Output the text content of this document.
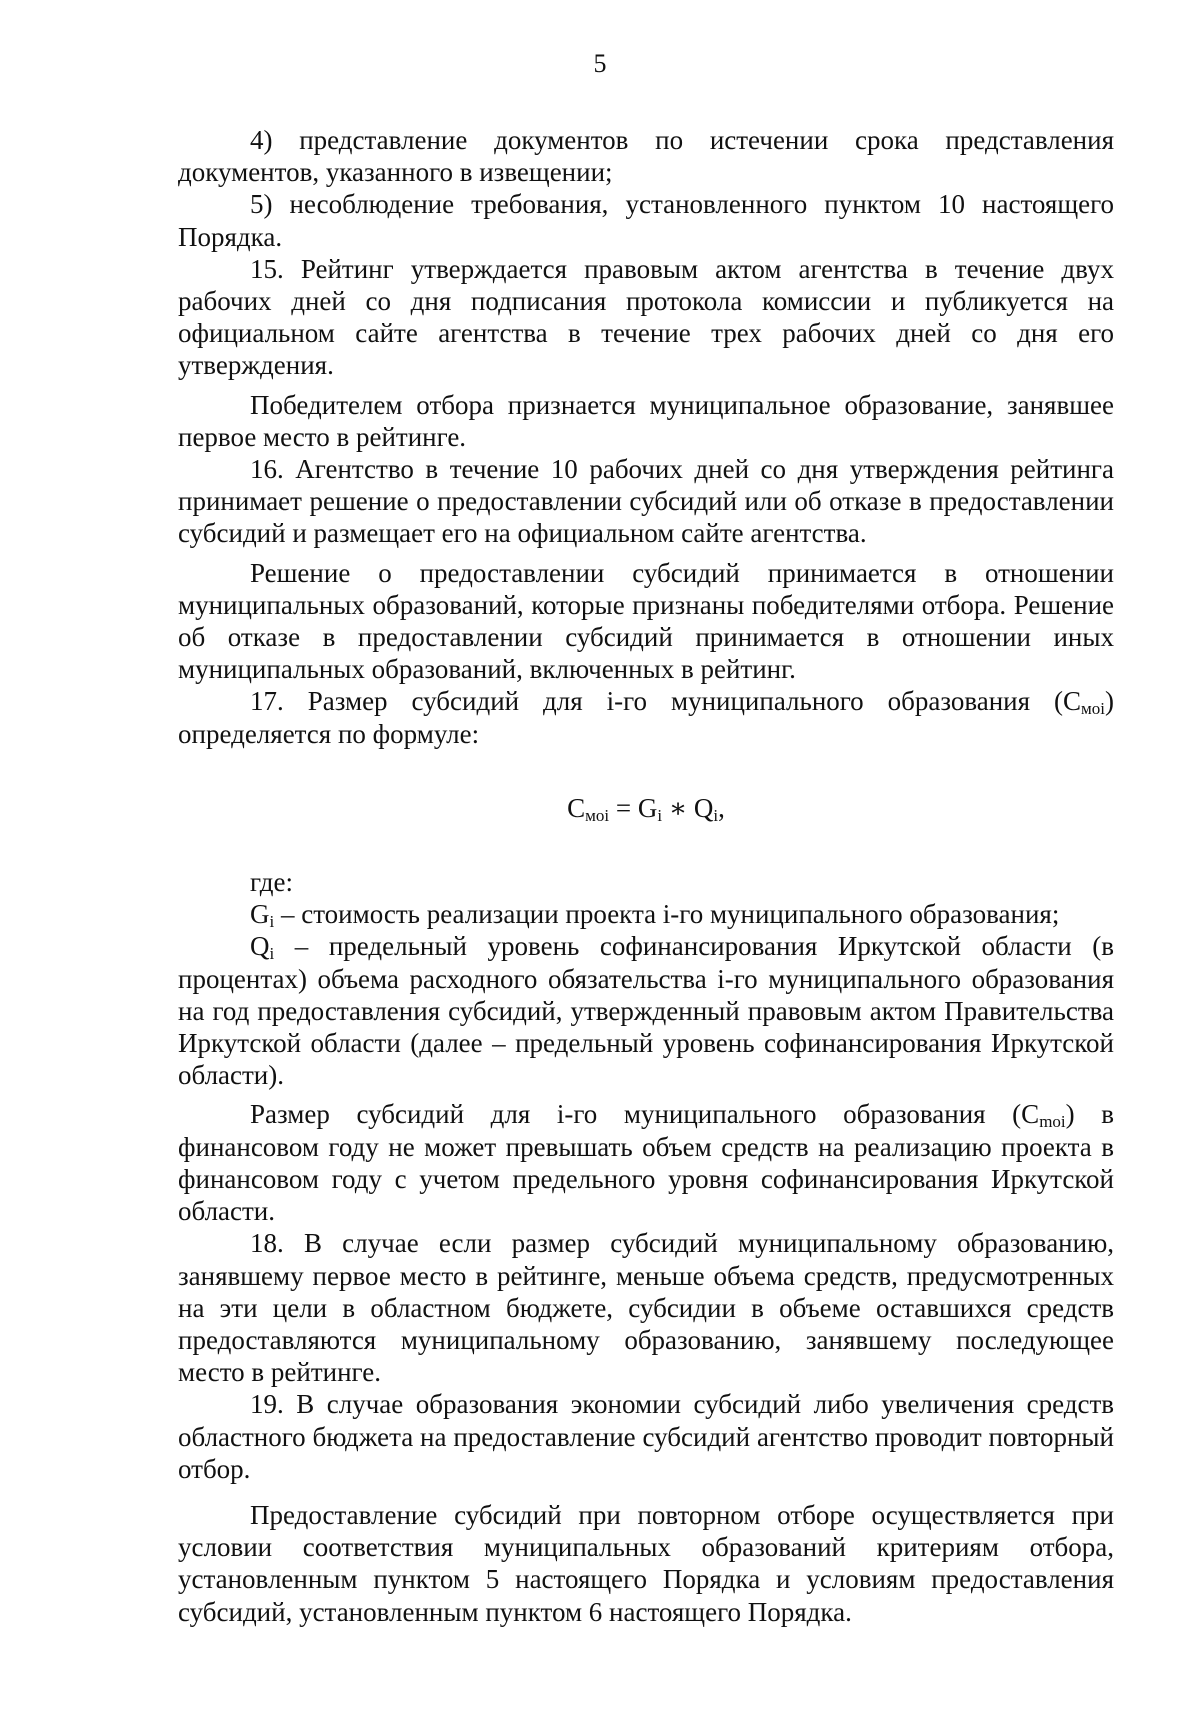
5

4) представление документов по истечении срока представления документов, указанного в извещении;

5) несоблюдение требования, установленного пунктом 10 настоящего Порядка.

15. Рейтинг утверждается правовым актом агентства в течение двух рабочих дней со дня подписания протокола комиссии и публикуется на официальном сайте агентства в течение трех рабочих дней со дня его утверждения.

Победителем отбора признается муниципальное образование, занявшее первое место в рейтинге.

16. Агентство в течение 10 рабочих дней со дня утверждения рейтинга принимает решение о предоставлении субсидий или об отказе в предоставлении субсидий и размещает его на официальном сайте агентства.

Решение о предоставлении субсидий принимается в отношении муниципальных образований, которые признаны победителями отбора. Решение об отказе в предоставлении субсидий принимается в отношении иных муниципальных образований, включенных в рейтинг.

17. Размер субсидий для i-го муниципального образования $(C_{мoi})$ определяется по формуле:

$C_{мoi} = G_i$ ∗ $Q_i$,

где:

$G_i$ – стоимость реализации проекта i-го муниципального образования;

$Q_i$ – предельный уровень софинансирования Иркутской области (в процентах) объема расходного обязательства i-го муниципального образования на год предоставления субсидий, утвержденный правовым актом Правительства Иркутской области (далее – предельный уровень софинансирования Иркутской области).

Размер субсидий для i-го муниципального образования $(C_{moi})$ в финансовом году не может превышать объем средств на реализацию проекта в финансовом году с учетом предельного уровня софинансирования Иркутской области.

18. В случае если размер субсидий муниципальному образованию, занявшему первое место в рейтинге, меньше объема средств, предусмотренных на эти цели в областном бюджете, субсидии в объеме оставшихся средств предоставляются муниципальному образованию, занявшему последующее место в рейтинге.

19. В случае образования экономии субсидий либо увеличения средств областного бюджета на предоставление субсидий агентство проводит повторный отбор.

Предоставление субсидий при повторном отборе осуществляется при условии соответствия муниципальных образований критериям отбора, установленным пунктом 5 настоящего Порядка и условиям предоставления субсидий, установленным пунктом 6 настоящего Порядка.
